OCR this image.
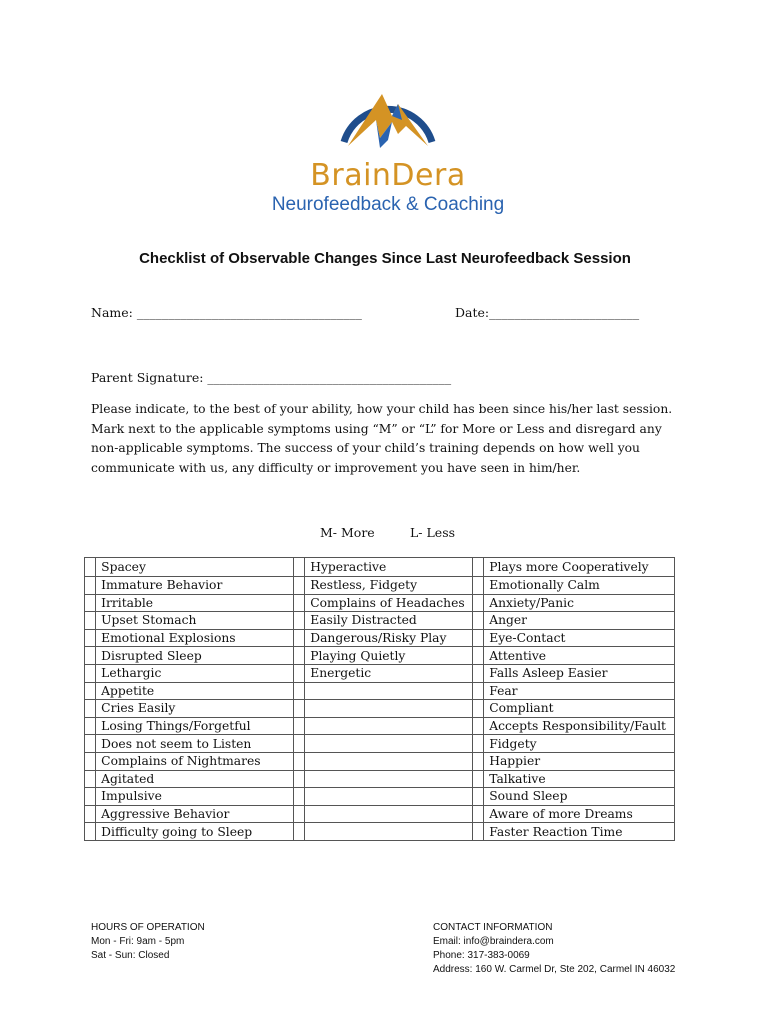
BrainDera
Neurofeedback & Coaching
Checklist of Observable Changes Since Last Neurofeedback Session
Name: ____________________________________	Date:________________________
Parent Signature: _______________________________________
Please indicate, to the best of your ability, how your child has been since his/her last session. Mark next to the applicable symptoms using “M” or “L” for More or Less and disregard any non-applicable symptoms. The success of your child’s training depends on how well you communicate with us, any difficulty or improvement you have seen in him/her.
M- More	L- Less
	Spacey		Hyperactive		Plays more Cooperatively
	Immature Behavior		Restless, Fidgety		Emotionally Calm
	Irritable		Complains of Headaches		Anxiety/Panic
	Upset Stomach		Easily Distracted		Anger
	Emotional Explosions		Dangerous/Risky Play		Eye-Contact
	Disrupted Sleep		Playing Quietly		Attentive
	Lethargic		Energetic		Falls Asleep Easier
	Appetite				Fear
	Cries Easily				Compliant
	Losing Things/Forgetful				Accepts Responsibility/Fault
	Does not seem to Listen				Fidgety
	Complains of Nightmares				Happier
	Agitated				Talkative
	Impulsive				Sound Sleep
	Aggressive Behavior				Aware of more Dreams
	Difficulty going to Sleep				Faster Reaction Time
HOURS OF OPERATION
Mon - Fri: 9am - 5pm
Sat - Sun: Closed
CONTACT INFORMATION
Email: info@braindera.com
Phone: 317-383-0069
Address: 160 W. Carmel Dr, Ste 202, Carmel IN 46032
